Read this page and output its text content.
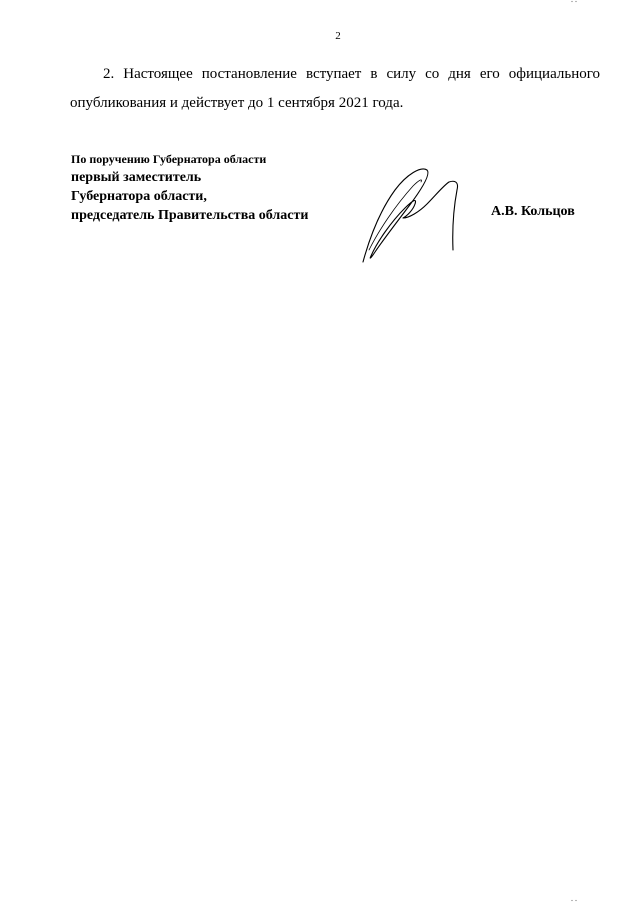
2

2. Настоящее постановление вступает в силу со дня его официального опубликования и действует до 1 сентября 2021 года.

По поручению Губернатора области
первый заместитель
Губернатора области,
председатель Правительства области	А.В. Кольцов
